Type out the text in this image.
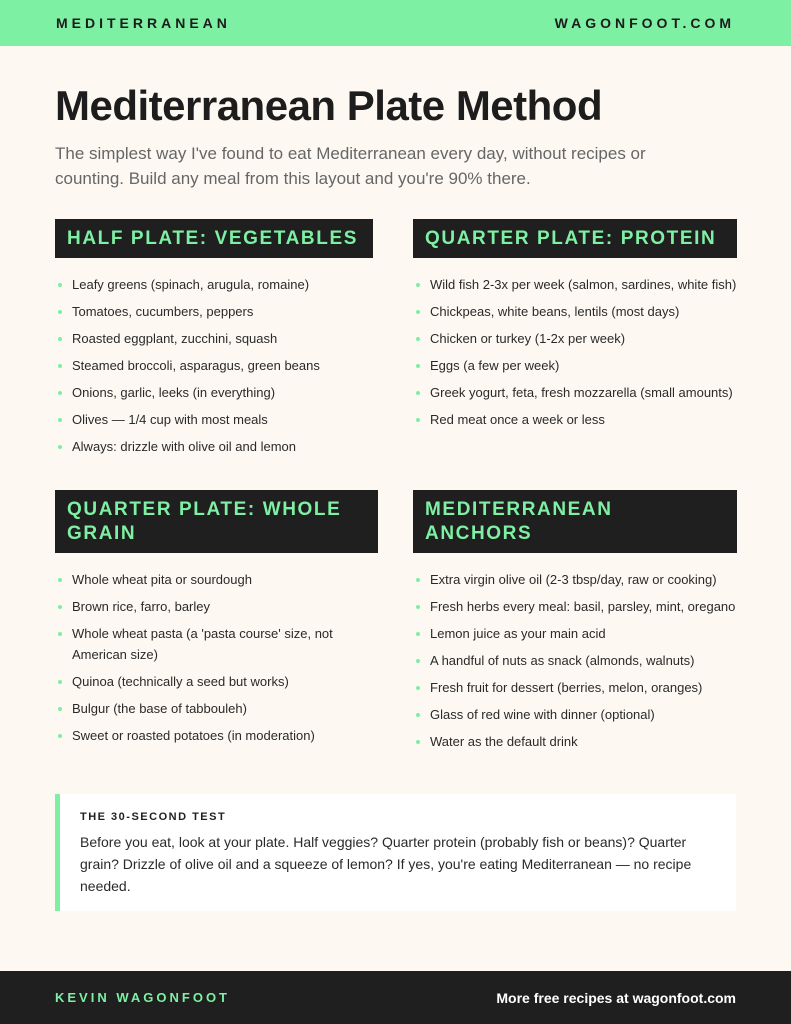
MEDITERRANEAN	WAGONFOOT.COM
Mediterranean Plate Method

The simplest way I've found to eat Mediterranean every day, without recipes or counting. Build any meal from this layout and you're 90% there.

HALF PLATE: VEGETABLES
Leafy greens (spinach, arugula, romaine)
Tomatoes, cucumbers, peppers
Roasted eggplant, zucchini, squash
Steamed broccoli, asparagus, green beans
Onions, garlic, leeks (in everything)
Olives — 1/4 cup with most meals
Always: drizzle with olive oil and lemon
QUARTER PLATE: PROTEIN
Wild fish 2-3x per week (salmon, sardines, white fish)
Chickpeas, white beans, lentils (most days)
Chicken or turkey (1-2x per week)
Eggs (a few per week)
Greek yogurt, feta, fresh mozzarella (small amounts)
Red meat once a week or less
QUARTER PLATE: WHOLE GRAIN
Whole wheat pita or sourdough
Brown rice, farro, barley
Whole wheat pasta (a 'pasta course' size, not American size)
Quinoa (technically a seed but works)
Bulgur (the base of tabbouleh)
Sweet or roasted potatoes (in moderation)
MEDITERRANEAN ANCHORS
Extra virgin olive oil (2-3 tbsp/day, raw or cooking)
Fresh herbs every meal: basil, parsley, mint, oregano
Lemon juice as your main acid
A handful of nuts as snack (almonds, walnuts)
Fresh fruit for dessert (berries, melon, oranges)
Glass of red wine with dinner (optional)
Water as the default drink
THE 30-SECOND TEST

Before you eat, look at your plate. Half veggies? Quarter protein (probably fish or beans)? Quarter grain? Drizzle of olive oil and a squeeze of lemon? If yes, you're eating Mediterranean — no recipe needed.

KEVIN WAGONFOOT	More free recipes at wagonfoot.com
